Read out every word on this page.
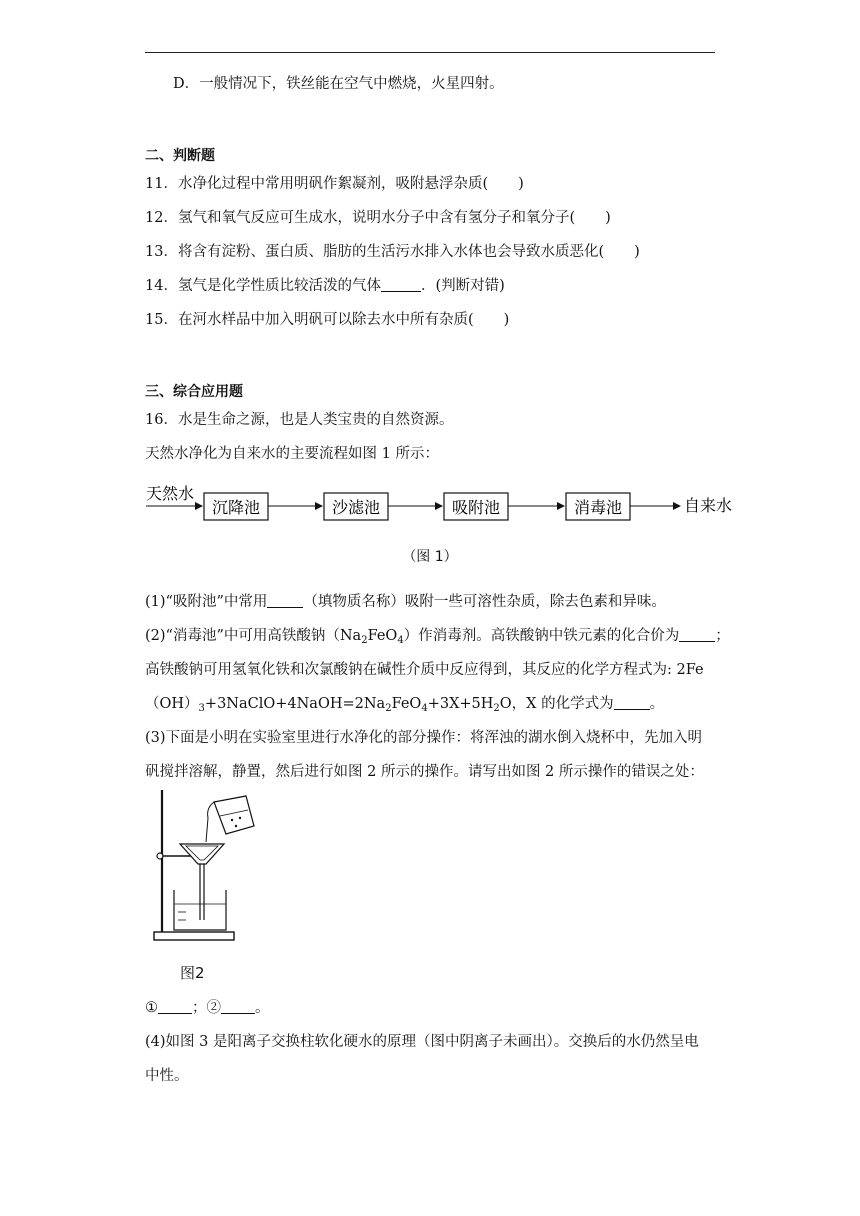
D．一般情况下，铁丝能在空气中燃烧，火星四射。
二、判断题
11．水净化过程中常用明矾作絮凝剂，吸附悬浮杂质( )
12．氢气和氧气反应可生成水，说明水分子中含有氢分子和氧分子( )
13．将含有淀粉、蛋白质、脂肪的生活污水排入水体也会导致水质恶化( )
14．氢气是化学性质比较活泼的气体	．(判断对错)
15．在河水样品中加入明矾可以除去水中所有杂质( )
三、综合应用题
16．水是生命之源，也是人类宝贵的自然资源。
天然水净化为自来水的主要流程如图 1 所示：
天然水
沉降池	沙滤池	吸附池	消毒池	自来水
（图 1）
(1)“吸附池”中常用 （填物质名称）吸附一些可溶性杂质，除去色素和异味。
(2)“消毒池”中可用高铁酸钠$(Na_2FeO_4)$作消毒剂。高铁酸钠中铁元素的化合价为 ；
高铁酸钠可用氢氧化铁和次氯酸钠在碱性介质中反应得到，其反应的化学方程式为: 2Fe
$(OH)_3+3NaClO+4NaOH=2Na_2FeO_4+3X+5H_2O$，X 的化学式为 。
(3)下面是小明在实验室里进行水净化的部分操作：将浑浊的湖水倒入烧杯中，先加入明
矾搅拌溶解，静置，然后进行如图 2 所示的操作。请写出如图 2 所示操作的错误之处：
图2
① ；② 。
(4)如图 3 是阳离子交换柱软化硬水的原理（图中阴离子未画出）。交换后的水仍然呈电
中性。
